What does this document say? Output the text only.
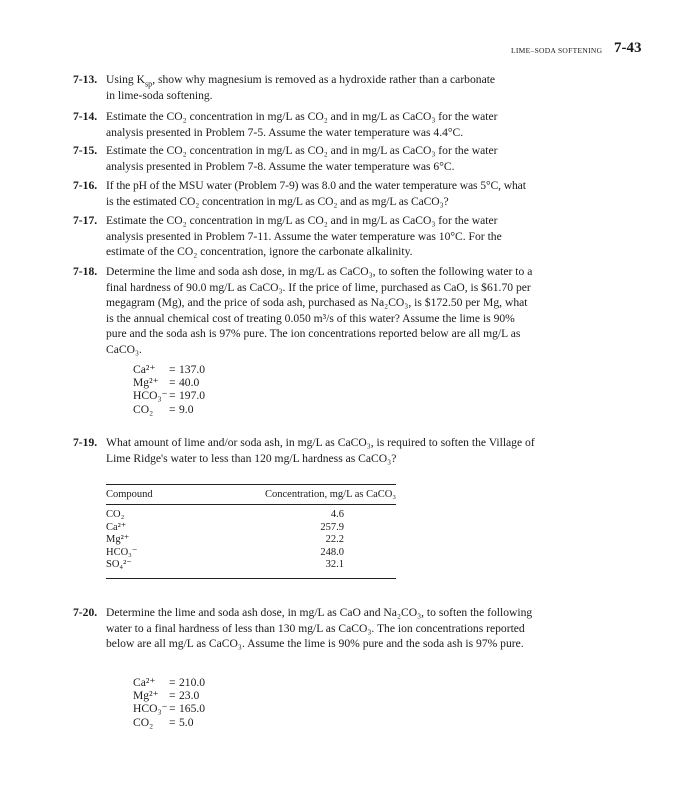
LIME–SODA SOFTENING 7-43
7-13. Using $K_{sp}$, show why magnesium is removed as a hydroxide rather than a carbonate
in lime-soda softening.
7-14. Estimate the CO₂ concentration in mg/L as CO₂ and in mg/L as CaCO₃ for the water analysis presented in Problem 7-5. Assume the water temperature was 4.4°C.
7-15. Estimate the CO₂ concentration in mg/L as CO₂ and in mg/L as CaCO₃ for the water analysis presented in Problem 7-8. Assume the water temperature was 6°C.
7-16. If the pH of the MSU water (Problem 7-9) was 8.0 and the water temperature was 5°C, what is the estimated CO₂ concentration in mg/L as CO₂ and as mg/L as CaCO₃?
7-17. Estimate the CO₂ concentration in mg/L as CO₂ and in mg/L as CaCO₃ for the water analysis presented in Problem 7-11. Assume the water temperature was 10°C. For the estimate of the CO₂ concentration, ignore the carbonate alkalinity.
7-18. Determine the lime and soda ash dose, in mg/L as CaCO₃, to soften the following water to a final hardness of 90.0 mg/L as CaCO₃. If the price of lime, purchased as CaO, is $61.70 per megagram (Mg), and the price of soda ash, purchased as Na₂CO₃, is $172.50 per Mg, what is the annual chemical cost of treating 0.050 m³/s of this water? Assume the lime is 90% pure and the soda ash is 97% pure. The ion concentrations reported below are all mg/L as CaCO₃.
Ca²⁺	= 137.0
Mg²⁺ = 40.0
HCO₃⁻ = 197.0
CO₂	= 9.0
7-19. What amount of lime and/or soda ash, in mg/L as CaCO₃, is required to soften the Village of Lime Ridge's water to less than 120 mg/L hardness as CaCO₃?
Compound	Concentration, mg/L as CaCO₃
CO₂	4.6
Ca²⁺	257.9
Mg²⁺	22.2
HCO₃⁻	248.0
SO₄²⁻	32.1
7-20. Determine the lime and soda ash dose, in mg/L as CaO and Na₂CO₃, to soften the following water to a final hardness of less than 130 mg/L as CaCO₃. The ion concentrations reported below are all mg/L as CaCO₃. Assume the lime is 90% pure and the soda ash is 97% pure.
Ca²⁺	= 210.0
Mg²⁺ = 23.0
HCO₃⁻ = 165.0
CO₂	= 5.0
